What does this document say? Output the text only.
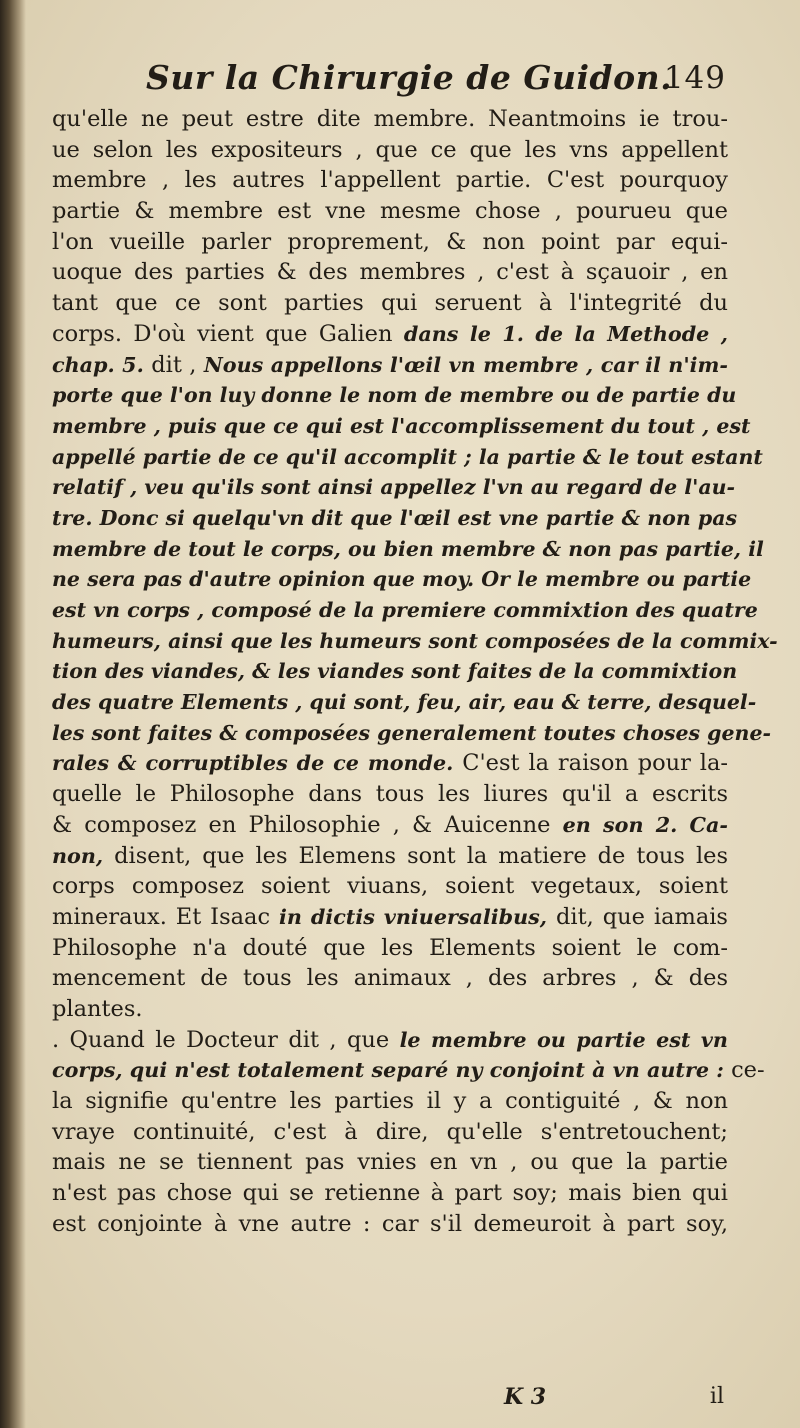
Sur la Chirurgie de Guidon.
149
qu'elle ne peut estre dite membre. Neantmoins ie trou-
ue selon les expositeurs , que ce que les vns appellent
membre , les autres l'appellent partie. C'est pourquoy
partie & membre est vne mesme chose , pourueu que
l'on vueille parler proprement, & non point par equi-
uoque des parties & des membres , c'est à sçauoir , en
tant que ce sont parties qui seruent à l'integrité du
corps. D'où vient que Galien dans le 1. de la Methode ,
chap. 5. dit , Nous appellons l'œil vn membre , car il n'im-
porte que l'on luy donne le nom de membre ou de partie du
membre , puis que ce qui est l'accomplissement du tout , est
appellé partie de ce qu'il accomplit ; la partie & le tout estant
relatif , veu qu'ils sont ainsi appellez l'vn au regard de l'au-
tre. Donc si quelqu'vn dit que l'œil est vne partie & non pas
membre de tout le corps, ou bien membre & non pas partie, il
ne sera pas d'autre opinion que moy. Or le membre ou partie
est vn corps , composé de la premiere commixtion des quatre
humeurs, ainsi que les humeurs sont composées de la commix-
tion des viandes, & les viandes sont faites de la commixtion
des quatre Elements , qui sont, feu, air, eau & terre, desquel-
les sont faites & composées generalement toutes choses gene-
rales & corruptibles de ce monde. C'est la raison pour la-
quelle le Philosophe dans tous les liures qu'il a escrits
& composez en Philosophie , & Auicenne en son 2. Ca-
non, disent, que les Elemens sont la matiere de tous les
corps composez soient viuans, soient vegetaux, soient
mineraux. Et Isaac in dictis vniuersalibus, dit, que iamais
Philosophe n'a douté que les Elements soient le com-
mencement de tous les animaux , des arbres , & des
plantes.
. Quand le Docteur dit , que le membre ou partie est vn
corps, qui n'est totalement separé ny conjoint à vn autre : ce-
la signifie qu'entre les parties il y a contiguité , & non
vraye continuité, c'est à dire, qu'elle s'entretouchent;
mais ne se tiennent pas vnies en vn , ou que la partie
n'est pas chose qui se retienne à part soy; mais bien qui
est conjointe à vne autre : car s'il demeuroit à part soy,
K 3	il
